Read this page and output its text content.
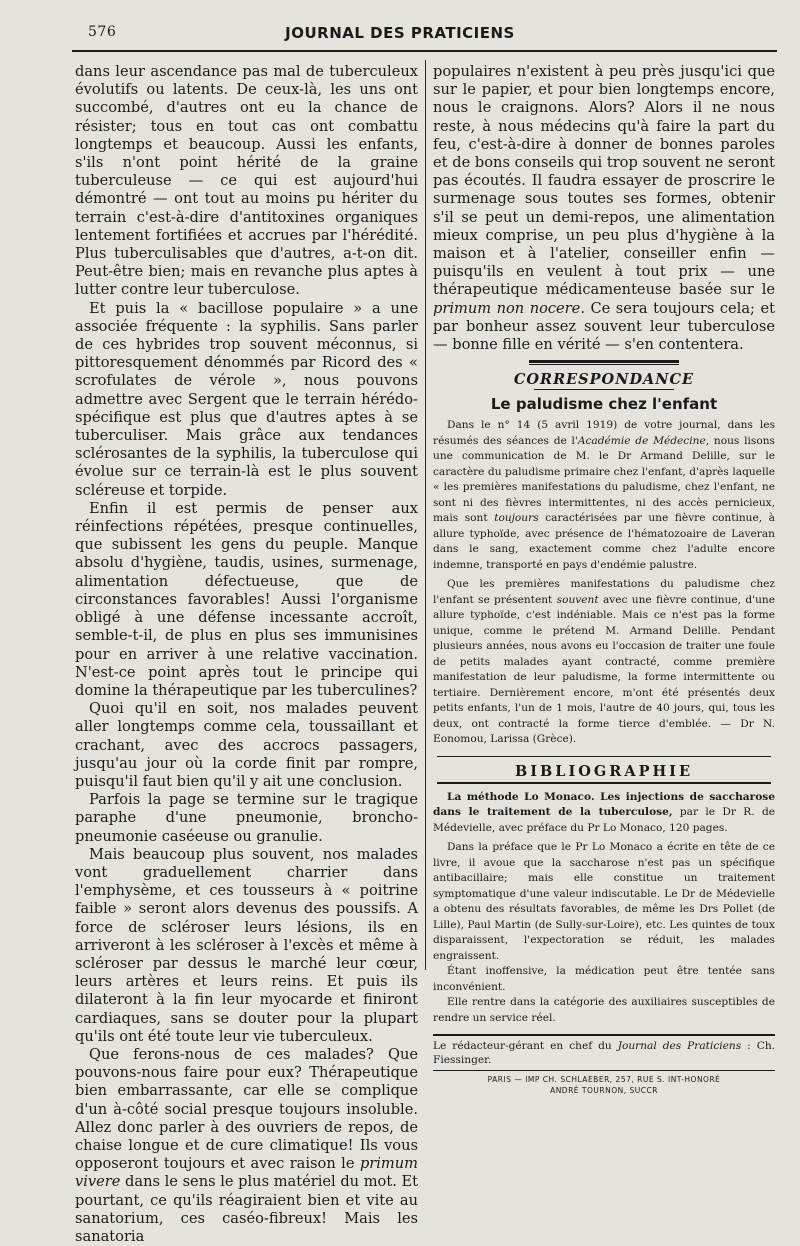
576	JOURNAL DES PRATICIENS

dans leur ascendance pas mal de tuberculeux évolutifs ou latents. De ceux-là, les uns ont succombé, d'autres ont eu la chance de résister; tous en tout cas ont combattu longtemps et beaucoup. Aussi les enfants, s'ils n'ont point hérité de la graine tuberculeuse — ce qui est aujourd'hui démontré — ont tout au moins pu hériter du terrain c'est-à-dire d'antitoxines organiques lentement fortifiées et accrues par l'hérédité. Plus tuberculisables que d'autres, a-t-on dit. Peut-être bien; mais en revanche plus aptes à lutter contre leur tuberculose.

Et puis la « bacillose populaire » a une associée fréquente : la syphilis. Sans parler de ces hybrides trop souvent méconnus, si pittoresquement dénommés par Ricord des « scrofulates de vérole », nous pouvons admettre avec Sergent que le terrain hérédo-spécifique est plus que d'autres aptes à se tuberculiser. Mais grâce aux tendances sclérosantes de la syphilis, la tuberculose qui évolue sur ce terrain-là est le plus souvent scléreuse et torpide.

Enfin il est permis de penser aux réinfections répétées, presque continuelles, que subissent les gens du peuple. Manque absolu d'hygiène, taudis, usines, surmenage, alimentation défectueuse, que de circonstances favorables! Aussi l'organisme obligé à une défense incessante accroît, semble-t-il, de plus en plus ses immunisines pour en arriver à une relative vaccination. N'est-ce point après tout le principe qui domine la thérapeutique par les tuberculines?

Quoi qu'il en soit, nos malades peuvent aller longtemps comme cela, toussaillant et crachant, avec des accrocs passagers, jusqu'au jour où la corde finit par rompre, puisqu'il faut bien qu'il y ait une conclusion.

Parfois la page se termine sur le tragique paraphe d'une pneumonie, broncho-pneumonie caséeuse ou granulie.

Mais beaucoup plus souvent, nos malades vont graduellement charrier dans l'emphysème, et ces tousseurs à « poitrine faible » seront alors devenus des poussifs. A force de scléroser leurs lésions, ils en arriveront à les scléroser à l'excès et même à scléroser par dessus le marché leur cœur, leurs artères et leurs reins. Et puis ils dilateront à la fin leur myocarde et finiront cardiaques, sans se douter pour la plupart qu'ils ont été toute leur vie tuberculeux.

Que ferons-nous de ces malades? Que pouvons-nous faire pour eux? Thérapeutique bien embarrassante, car elle se complique d'un à-côté social presque toujours insoluble. Allez donc parler à des ouvriers de repos, de chaise longue et de cure climatique! Ils vous opposeront toujours et avec raison le primum vivere dans le sens le plus matériel du mot. Et pourtant, ce qu'ils réagiraient bien et vite au sanatorium, ces caséo-fibreux! Mais les sanatoria

populaires n'existent à peu près jusqu'ici que sur le papier, et pour bien longtemps encore, nous le craignons. Alors? Alors il ne nous reste, à nous médecins qu'à faire la part du feu, c'est-à-dire à donner de bonnes paroles et de bons conseils qui trop souvent ne seront pas écoutés. Il faudra essayer de proscrire le surmenage sous toutes ses formes, obtenir s'il se peut un demi-repos, une alimentation mieux comprise, un peu plus d'hygiène à la maison et à l'atelier, conseiller enfin — puisqu'ils en veulent à tout prix — une thérapeutique médicamenteuse basée sur le primum non nocere. Ce sera toujours cela; et par bonheur assez souvent leur tuberculose — bonne fille en vérité — s'en contentera.

CORRESPONDANCE
Le paludisme chez l'enfant

Dans le n° 14 (5 avril 1919) de votre journal, dans les résumés des séances de l'Académie de Médecine, nous lisons une communication de M. le Dr Armand Delille, sur le caractère du paludisme primaire chez l'enfant, d'après laquelle « les premières manifestations du paludisme, chez l'enfant, ne sont ni des fièvres intermittentes, ni des accès pernicieux, mais sont toujours caractérisées par une fièvre continue, à allure typhoïde, avec présence de l'hématozoaire de Laveran dans le sang, exactement comme chez l'adulte encore indemne, transporté en pays d'endémie palustre.

Que les premières manifestations du paludisme chez l'enfant se présentent souvent avec une fièvre continue, d'une allure typhoïde, c'est indéniable. Mais ce n'est pas la forme unique, comme le prétend M. Armand Delille. Pendant plusieurs années, nous avons eu l'occasion de traiter une foule de petits malades ayant contracté, comme première manifestation de leur paludisme, la forme intermittente ou tertiaire. Dernièrement encore, m'ont été présentés deux petits enfants, l'un de 1 mois, l'autre de 40 jours, qui, tous les deux, ont contracté la forme tierce d'emblée. — Dr N. Eonomou, Larissa (Grèce).

BIBLIOGRAPHIE

La méthode Lo Monaco. Les injections de saccharose dans le traitement de la tuberculose, par le Dr R. de Médevielle, avec préface du Pr Lo Monaco, 120 pages.

Dans la préface que le Pr Lo Monaco a écrite en tête de ce livre, il avoue que la saccharose n'est pas un spécifique antibacillaire; mais elle constitue un traitement symptomatique d'une valeur indiscutable. Le Dr de Médevielle a obtenu des résultats favorables, de même les Drs Pollet (de Lille), Paul Martin (de Sully-sur-Loire), etc. Les quintes de toux disparaissent, l'expectoration se réduit, les malades engraissent.

Étant inoffensive, la médication peut être tentée sans inconvénient.

Elle rentre dans la catégorie des auxiliaires susceptibles de rendre un service réel.

Le rédacteur-gérant en chef du Journal des Praticiens : Ch. Fiessinger.
PARIS — IMP CH. SCHLAEBER, 257, RUE S. INT-HONORÉ
ANDRÉ TOURNON, SUCCR
